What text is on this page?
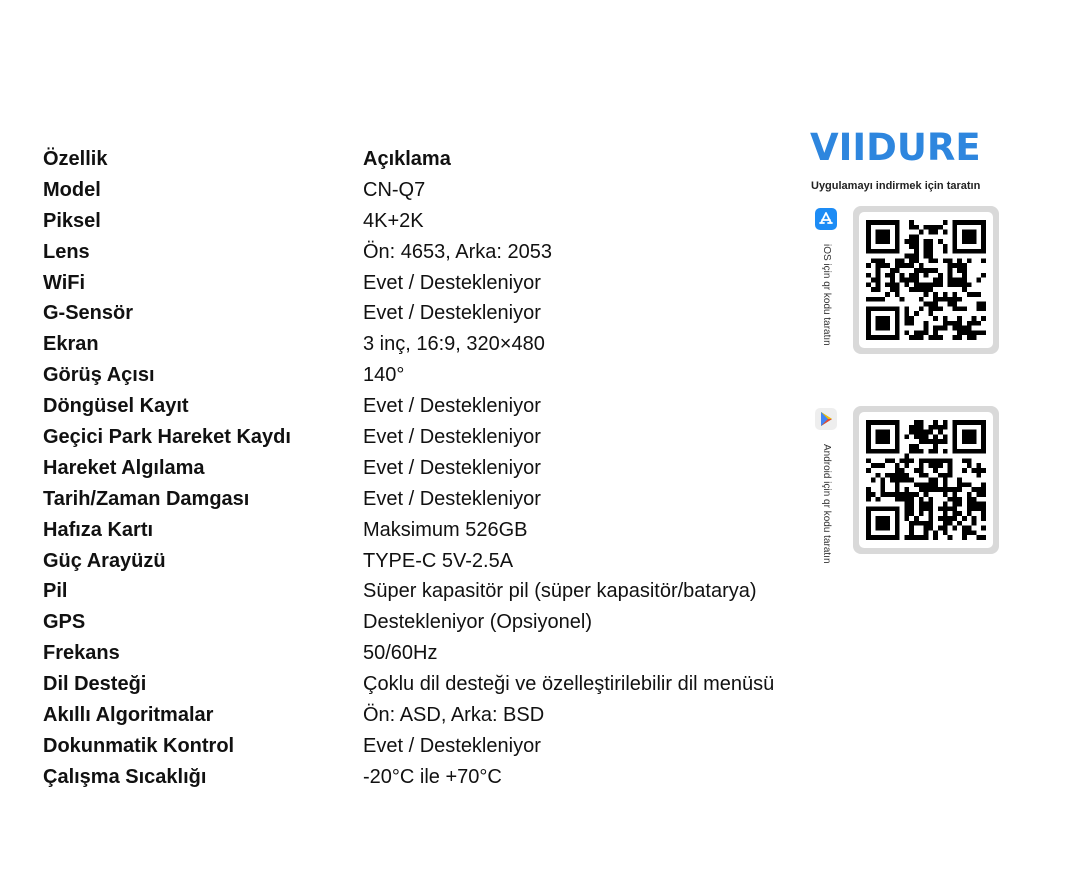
Özellik	Açıklama
Model	CN-Q7
Piksel	4K+2K
Lens	Ön: 4653, Arka: 2053
WiFi	Evet / Destekleniyor
G-Sensör	Evet / Destekleniyor
Ekran	3 inç, 16:9, 320×480
Görüş Açısı	140°
Döngüsel Kayıt	Evet / Destekleniyor
Geçici Park Hareket Kaydı	Evet / Destekleniyor
Hareket Algılama	Evet / Destekleniyor
Tarih/Zaman Damgası	Evet / Destekleniyor
Hafıza Kartı	Maksimum 526GB
Güç Arayüzü	TYPE-C 5V-2.5A
Pil	Süper kapasitör pil (süper kapasitör/batarya)
GPS	Destekleniyor (Opsiyonel)
Frekans	50/60Hz
Dil Desteği	Çoklu dil desteği ve özelleştirilebilir dil menüsü
Akıllı Algoritmalar	Ön: ASD, Arka: BSD
Dokunmatik Kontrol	Evet / Destekleniyor
Çalışma Sıcaklığı	-20°C ile +70°C
VIIDURE
Uygulamayı indirmek için taratın
iOS için qr kodu taratın
Android için qr kodu taratın
